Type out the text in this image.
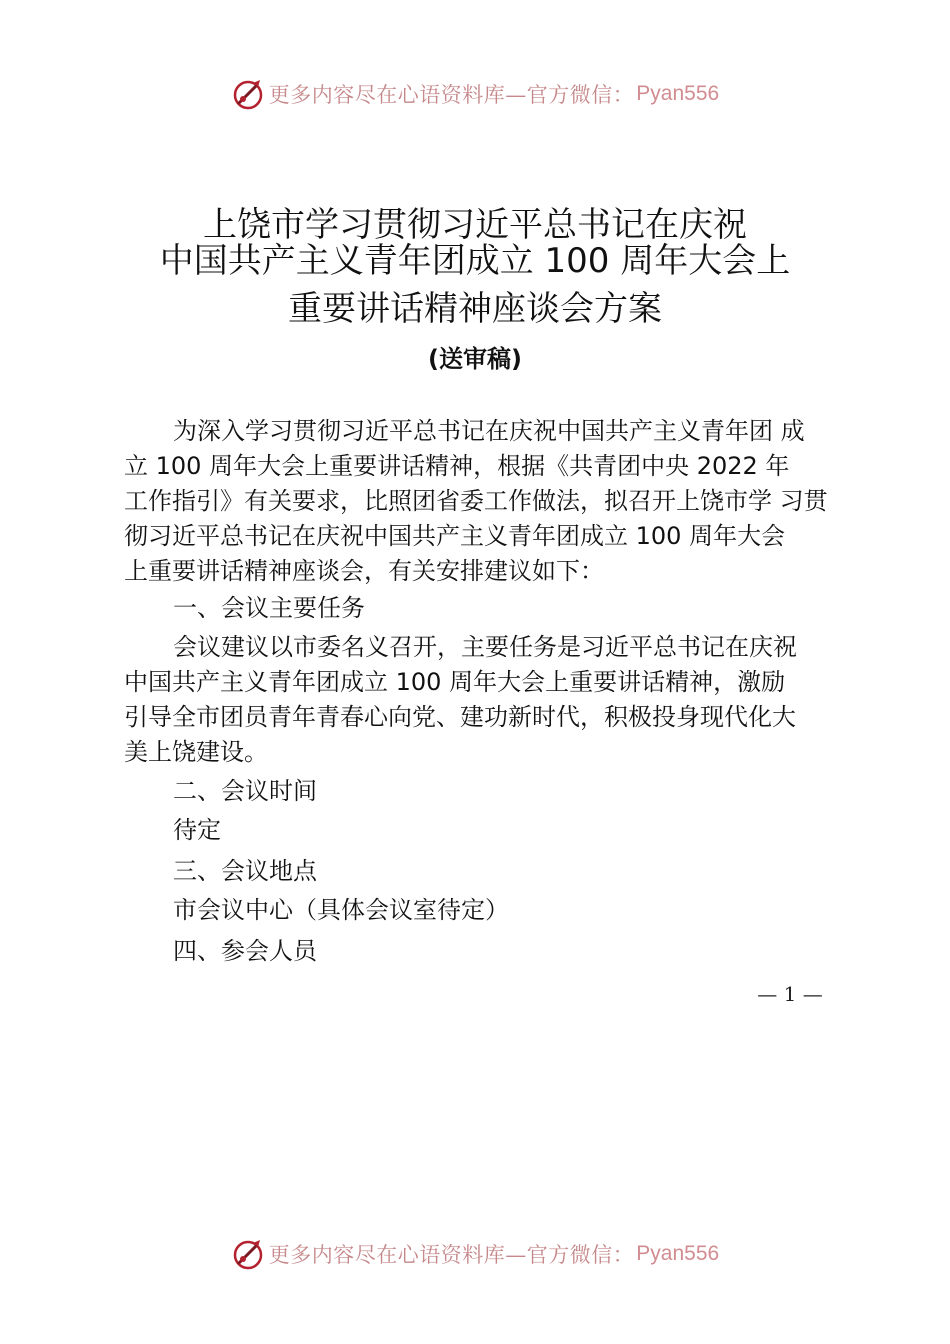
更多内容尽在心语资料库—官方微信： Pyan556
上饶市学习贯彻习近平总书记在庆祝
中国共产主义青年团成立 100 周年大会上
重要讲话精神座谈会方案
(送审稿)
为深入学习贯彻习近平总书记在庆祝中国共产主义青年团 成
立 100 周年大会上重要讲话精神，根据《共青团中央 2022 年
工作指引》有关要求，比照团省委工作做法，拟召开上饶市学 习贯
彻习近平总书记在庆祝中国共产主义青年团成立 100 周年大会
上重要讲话精神座谈会，有关安排建议如下：
一、会议主要任务
会议建议以市委名义召开，主要任务是习近平总书记在庆祝
中国共产主义青年团成立 100 周年大会上重要讲话精神，激励
引导全市团员青年青春心向党、建功新时代，积极投身现代化大
美上饶建设。
二、会议时间
待定
三、会议地点
市会议中心（具体会议室待定）
四、参会人员
— 1 —
更多内容尽在心语资料库—官方微信： Pyan556
